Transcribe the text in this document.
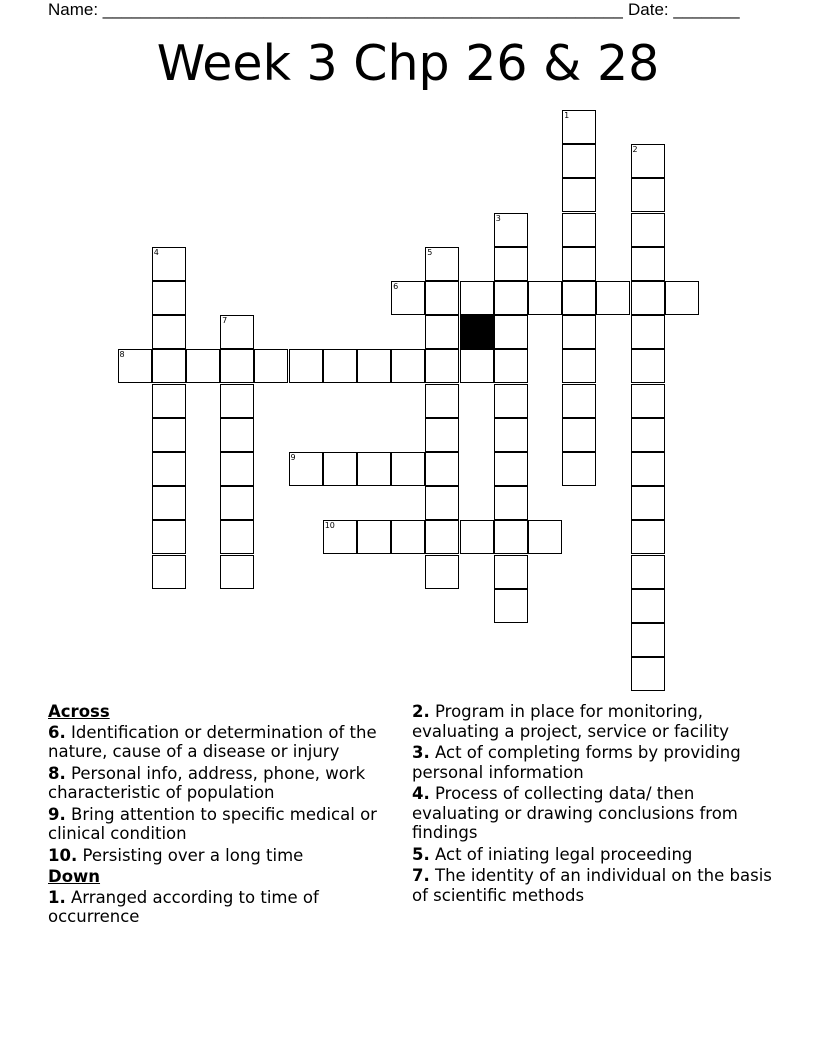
Name: _______________________________________________________ Date: _______
Week 3 Chp 26 & 28
1
2
3
4	5
6
7
8
9
10
Across
6. Identification or determination of the nature, cause of a disease or injury
8. Personal info, address, phone, work characteristic of population
9. Bring attention to specific medical or clinical condition
10. Persisting over a long time
Down
1. Arranged according to time of occurrence
2. Program in place for monitoring, evaluating a project, service or facility
3. Act of completing forms by providing personal information
4. Process of collecting data/ then evaluating or drawing conclusions from findings
5. Act of iniating legal proceeding
7. The identity of an individual on the basis of scientific methods
